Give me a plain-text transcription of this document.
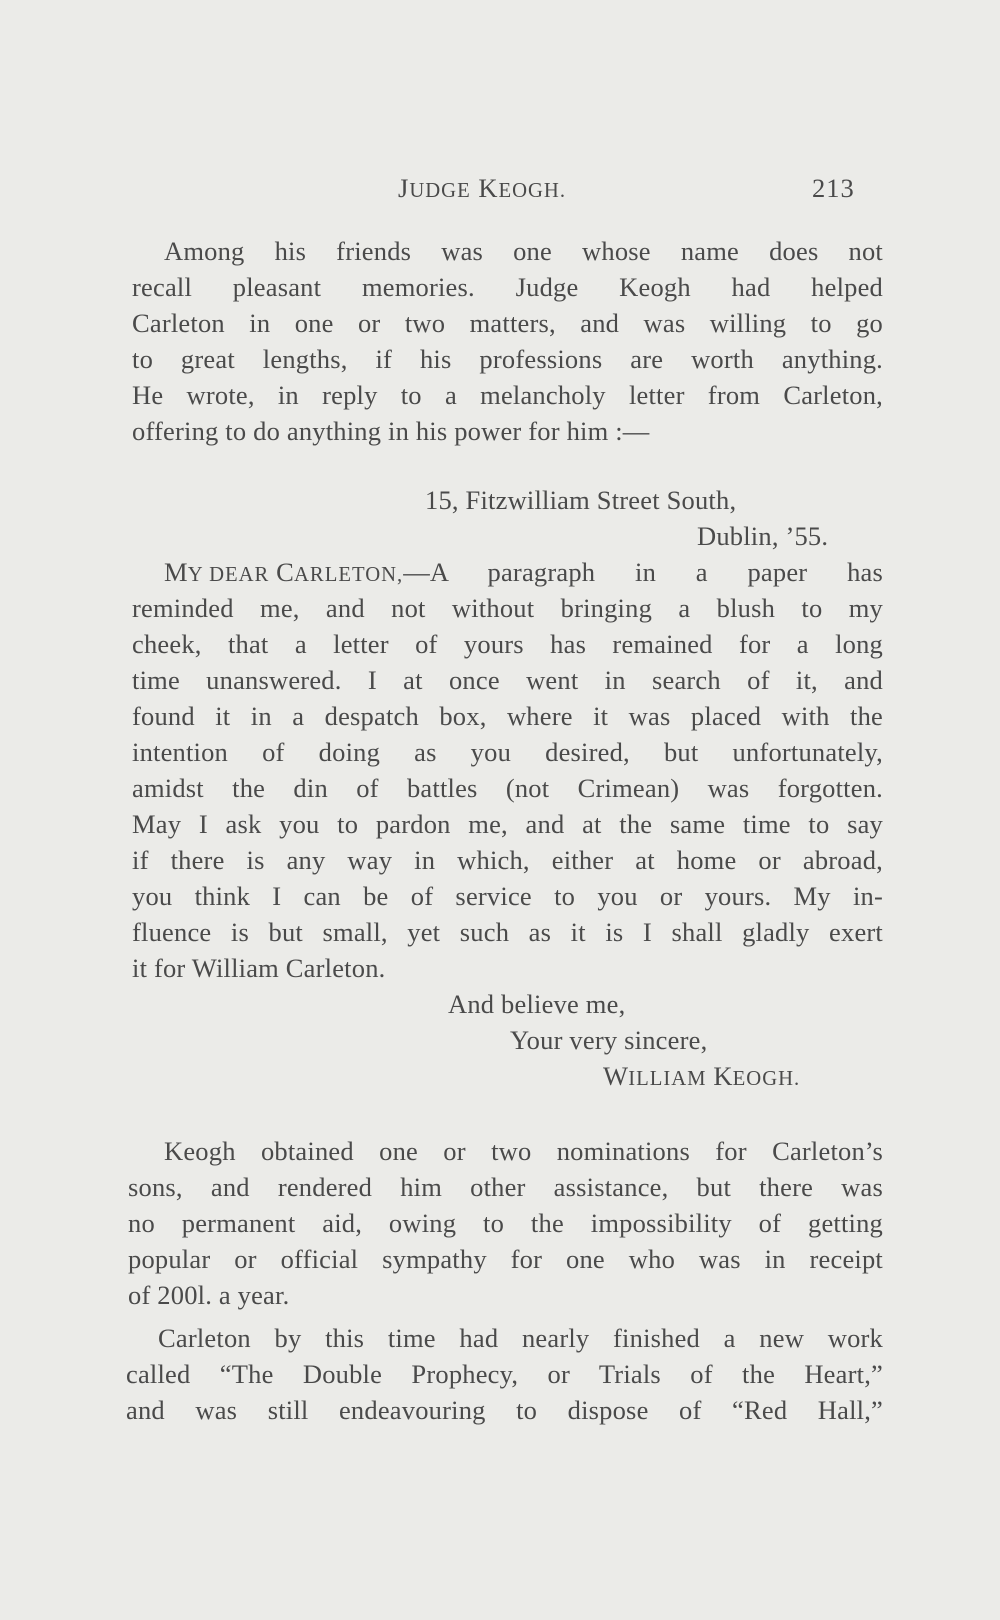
JUDGE KEOGH.	213
Among his friends was one whose name does not
recall pleasant memories. Judge Keogh had helped
Carleton in one or two matters, and was willing to go
to great lengths, if his professions are worth anything.
He wrote, in reply to a melancholy letter from Carleton,
offering to do anything in his power for him :—
15, Fitzwilliam Street South,
Dublin, ’55.
MY DEAR CARLETON, —A paragraph in a paper has
reminded me, and not without bringing a blush to my
cheek, that a letter of yours has remained for a long
time unanswered. I at once went in search of it, and
found it in a despatch box, where it was placed with the
intention of doing as you desired, but unfortunately,
amidst the din of battles (not Crimean) was forgotten.
May I ask you to pardon me, and at the same time to say
if there is any way in which, either at home or abroad,
you think I can be of service to you or yours. My in-
fluence is but small, yet such as it is I shall gladly exert
it for William Carleton.
And believe me,
Your very sincere,
WILLIAM KEOGH.
Keogh obtained one or two nominations for Carleton’s
sons, and rendered him other assistance, but there was
no permanent aid, owing to the impossibility of getting
popular or official sympathy for one who was in receipt
of 200l. a year.
Carleton by this time had nearly finished a new work
called “The Double Prophecy, or Trials of the Heart,”
and was still endeavouring to dispose of “Red Hall,”
